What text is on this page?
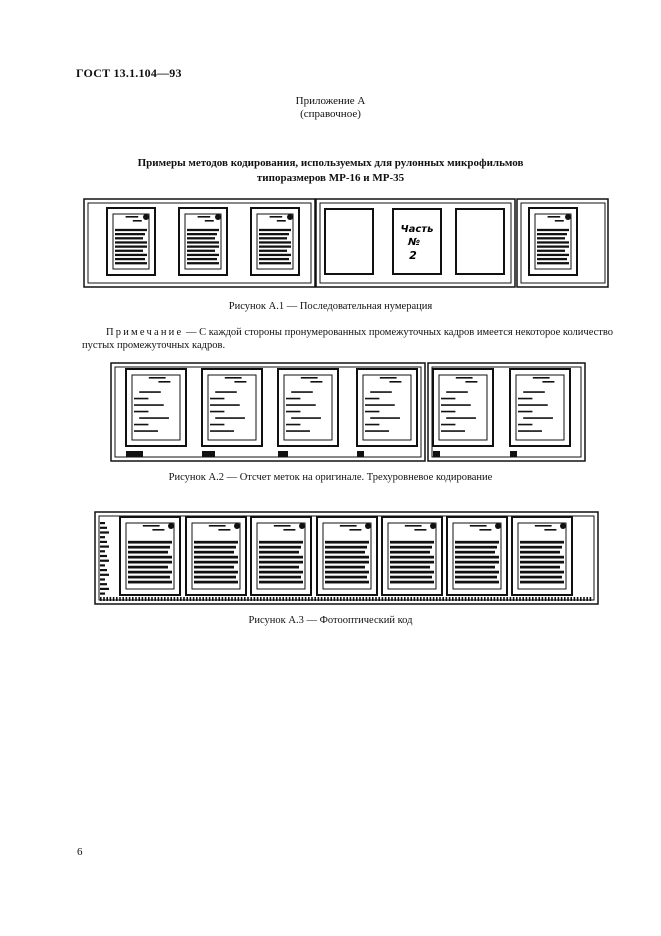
ГОСТ 13.1.104—93
Приложение А
(справочное)
Примеры методов кодирования, используемых для рулонных микрофильмов
типоразмеров МР-16 и МР-35
Часть
№
2
Рисунок А.1 — Последовательная нумерация
Примечание — С каждой стороны пронумерованных промежуточных кадров имеется некоторое количество пустых промежуточных кадров.
Рисунок А.2 — Отсчет меток на оригинале. Трехуровневое кодирование
Рисунок А.3 — Фотооптический код
6
